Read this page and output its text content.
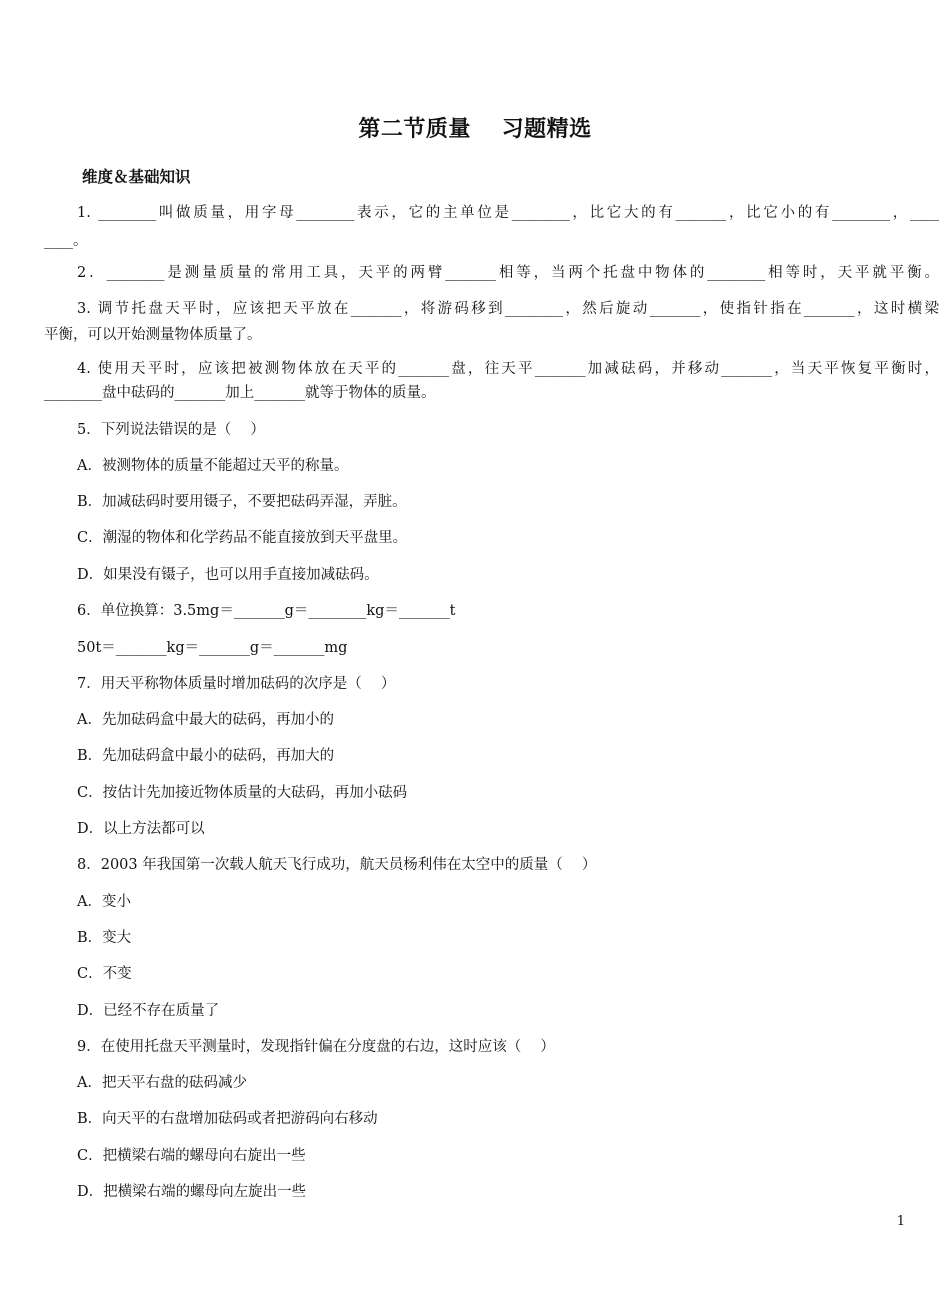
第二节质量　 习题精选
维度＆基础知识
1. ________叫做质量，用字母________表示，它的主单位是________，比它大的有_______，比它小的有________，____
____。
2．________是测量质量的常用工具，天平的两臂_______相等，当两个托盘中物体的________相等时，天平就平衡。
3. 调节托盘天平时，应该把天平放在_______，将游码移到________，然后旋动_______，使指针指在_______，这时横梁
平衡，可以开始测量物体质量了。
4. 使用天平时，应该把被测物体放在天平的_______盘，往天平_______加减砝码，并移动_______，当天平恢复平衡时，
________盘中砝码的_______加上_______就等于物体的质量。
5．下列说法错误的是（　 ）
A．被测物体的质量不能超过天平的称量。
B．加减砝码时要用镊子，不要把砝码弄湿，弄脏。
C．潮湿的物体和化学药品不能直接放到天平盘里。
D．如果没有镊子，也可以用手直接加减砝码。
6．单位换算：3.5mg＝_______g＝________kg＝_______t
50t＝_______kg＝_______g＝_______mg
7．用天平称物体质量时增加砝码的次序是（　 ）
A．先加砝码盒中最大的砝码，再加小的
B．先加砝码盒中最小的砝码，再加大的
C．按估计先加接近物体质量的大砝码，再加小砝码
D．以上方法都可以
8．2003 年我国第一次载人航天飞行成功，航天员杨利伟在太空中的质量（　 ）
A．变小
B．变大
C．不变
D．已经不存在质量了
9．在使用托盘天平测量时，发现指针偏在分度盘的右边，这时应该（　 ）
A．把天平右盘的砝码减少
B．向天平的右盘增加砝码或者把游码向右移动
C．把横梁右端的螺母向右旋出一些
D．把横梁右端的螺母向左旋出一些
1
